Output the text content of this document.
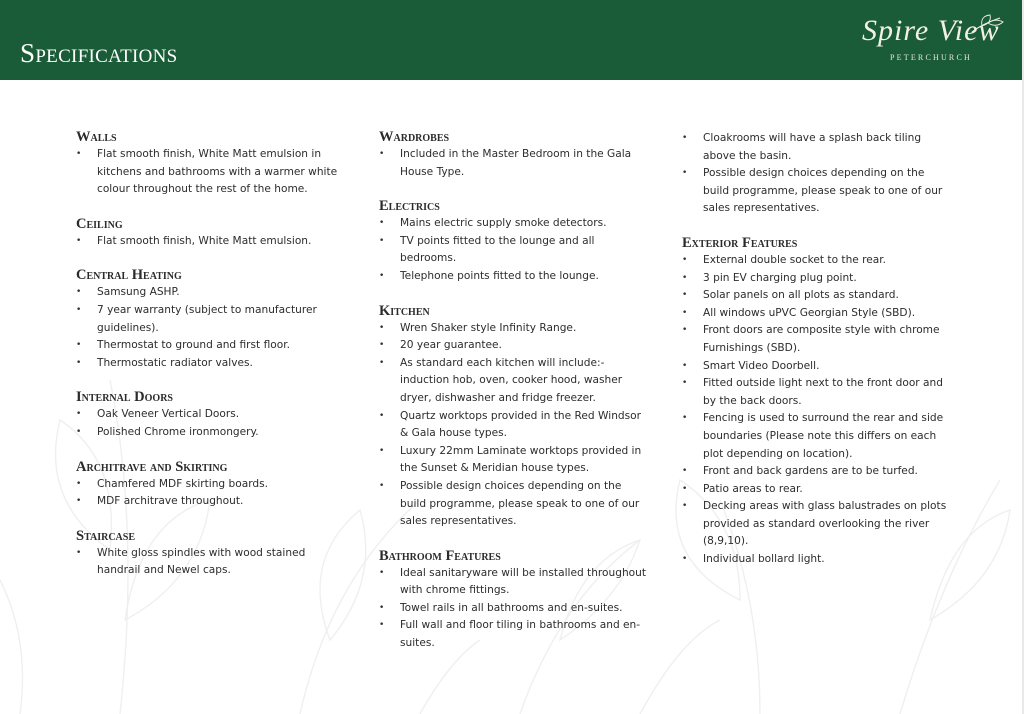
Specifications
Spire View
PETERCHURCH
Walls
• Flat smooth finish, White Matt emulsion in kitchens and bathrooms with a warmer white colour throughout the rest of the home.
Ceiling
• Flat smooth finish, White Matt emulsion.
Central Heating
• Samsung ASHP.
• 7 year warranty (subject to manufacturer guidelines).
• Thermostat to ground and first floor.
• Thermostatic radiator valves.
Internal Doors
• Oak Veneer Vertical Doors.
• Polished Chrome ironmongery.
Architrave and Skirting
• Chamfered MDF skirting boards.
• MDF architrave throughout.
Staircase
• White gloss spindles with wood stained handrail and Newel caps.
Wardrobes
• Included in the Master Bedroom in the Gala House Type.
Electrics
• Mains electric supply smoke detectors.
• TV points fitted to the lounge and all bedrooms.
• Telephone points fitted to the lounge.
Kitchen
• Wren Shaker style Infinity Range.
• 20 year guarantee.
• As standard each kitchen will include:- induction hob, oven, cooker hood, washer dryer, dishwasher and fridge freezer.
• Quartz worktops provided in the Red Windsor & Gala house types.
• Luxury 22mm Laminate worktops provided in the Sunset & Meridian house types.
• Possible design choices depending on the build programme, please speak to one of our sales representatives.
Bathroom Features
• Ideal sanitaryware will be installed throughout with chrome fittings.
• Towel rails in all bathrooms and en-suites.
• Full wall and floor tiling in bathrooms and en-suites.
• Cloakrooms will have a splash back tiling above the basin.
• Possible design choices depending on the build programme, please speak to one of our sales representatives.
Exterior Features
• External double socket to the rear.
• 3 pin EV charging plug point.
• Solar panels on all plots as standard.
• All windows uPVC Georgian Style (SBD).
• Front doors are composite style with chrome Furnishings (SBD).
• Smart Video Doorbell.
• Fitted outside light next to the front door and by the back doors.
• Fencing is used to surround the rear and side boundaries (Please note this differs on each plot depending on location).
• Front and back gardens are to be turfed.
• Patio areas to rear.
• Decking areas with glass balustrades on plots provided as standard overlooking the river (8,9,10).
• Individual bollard light.
